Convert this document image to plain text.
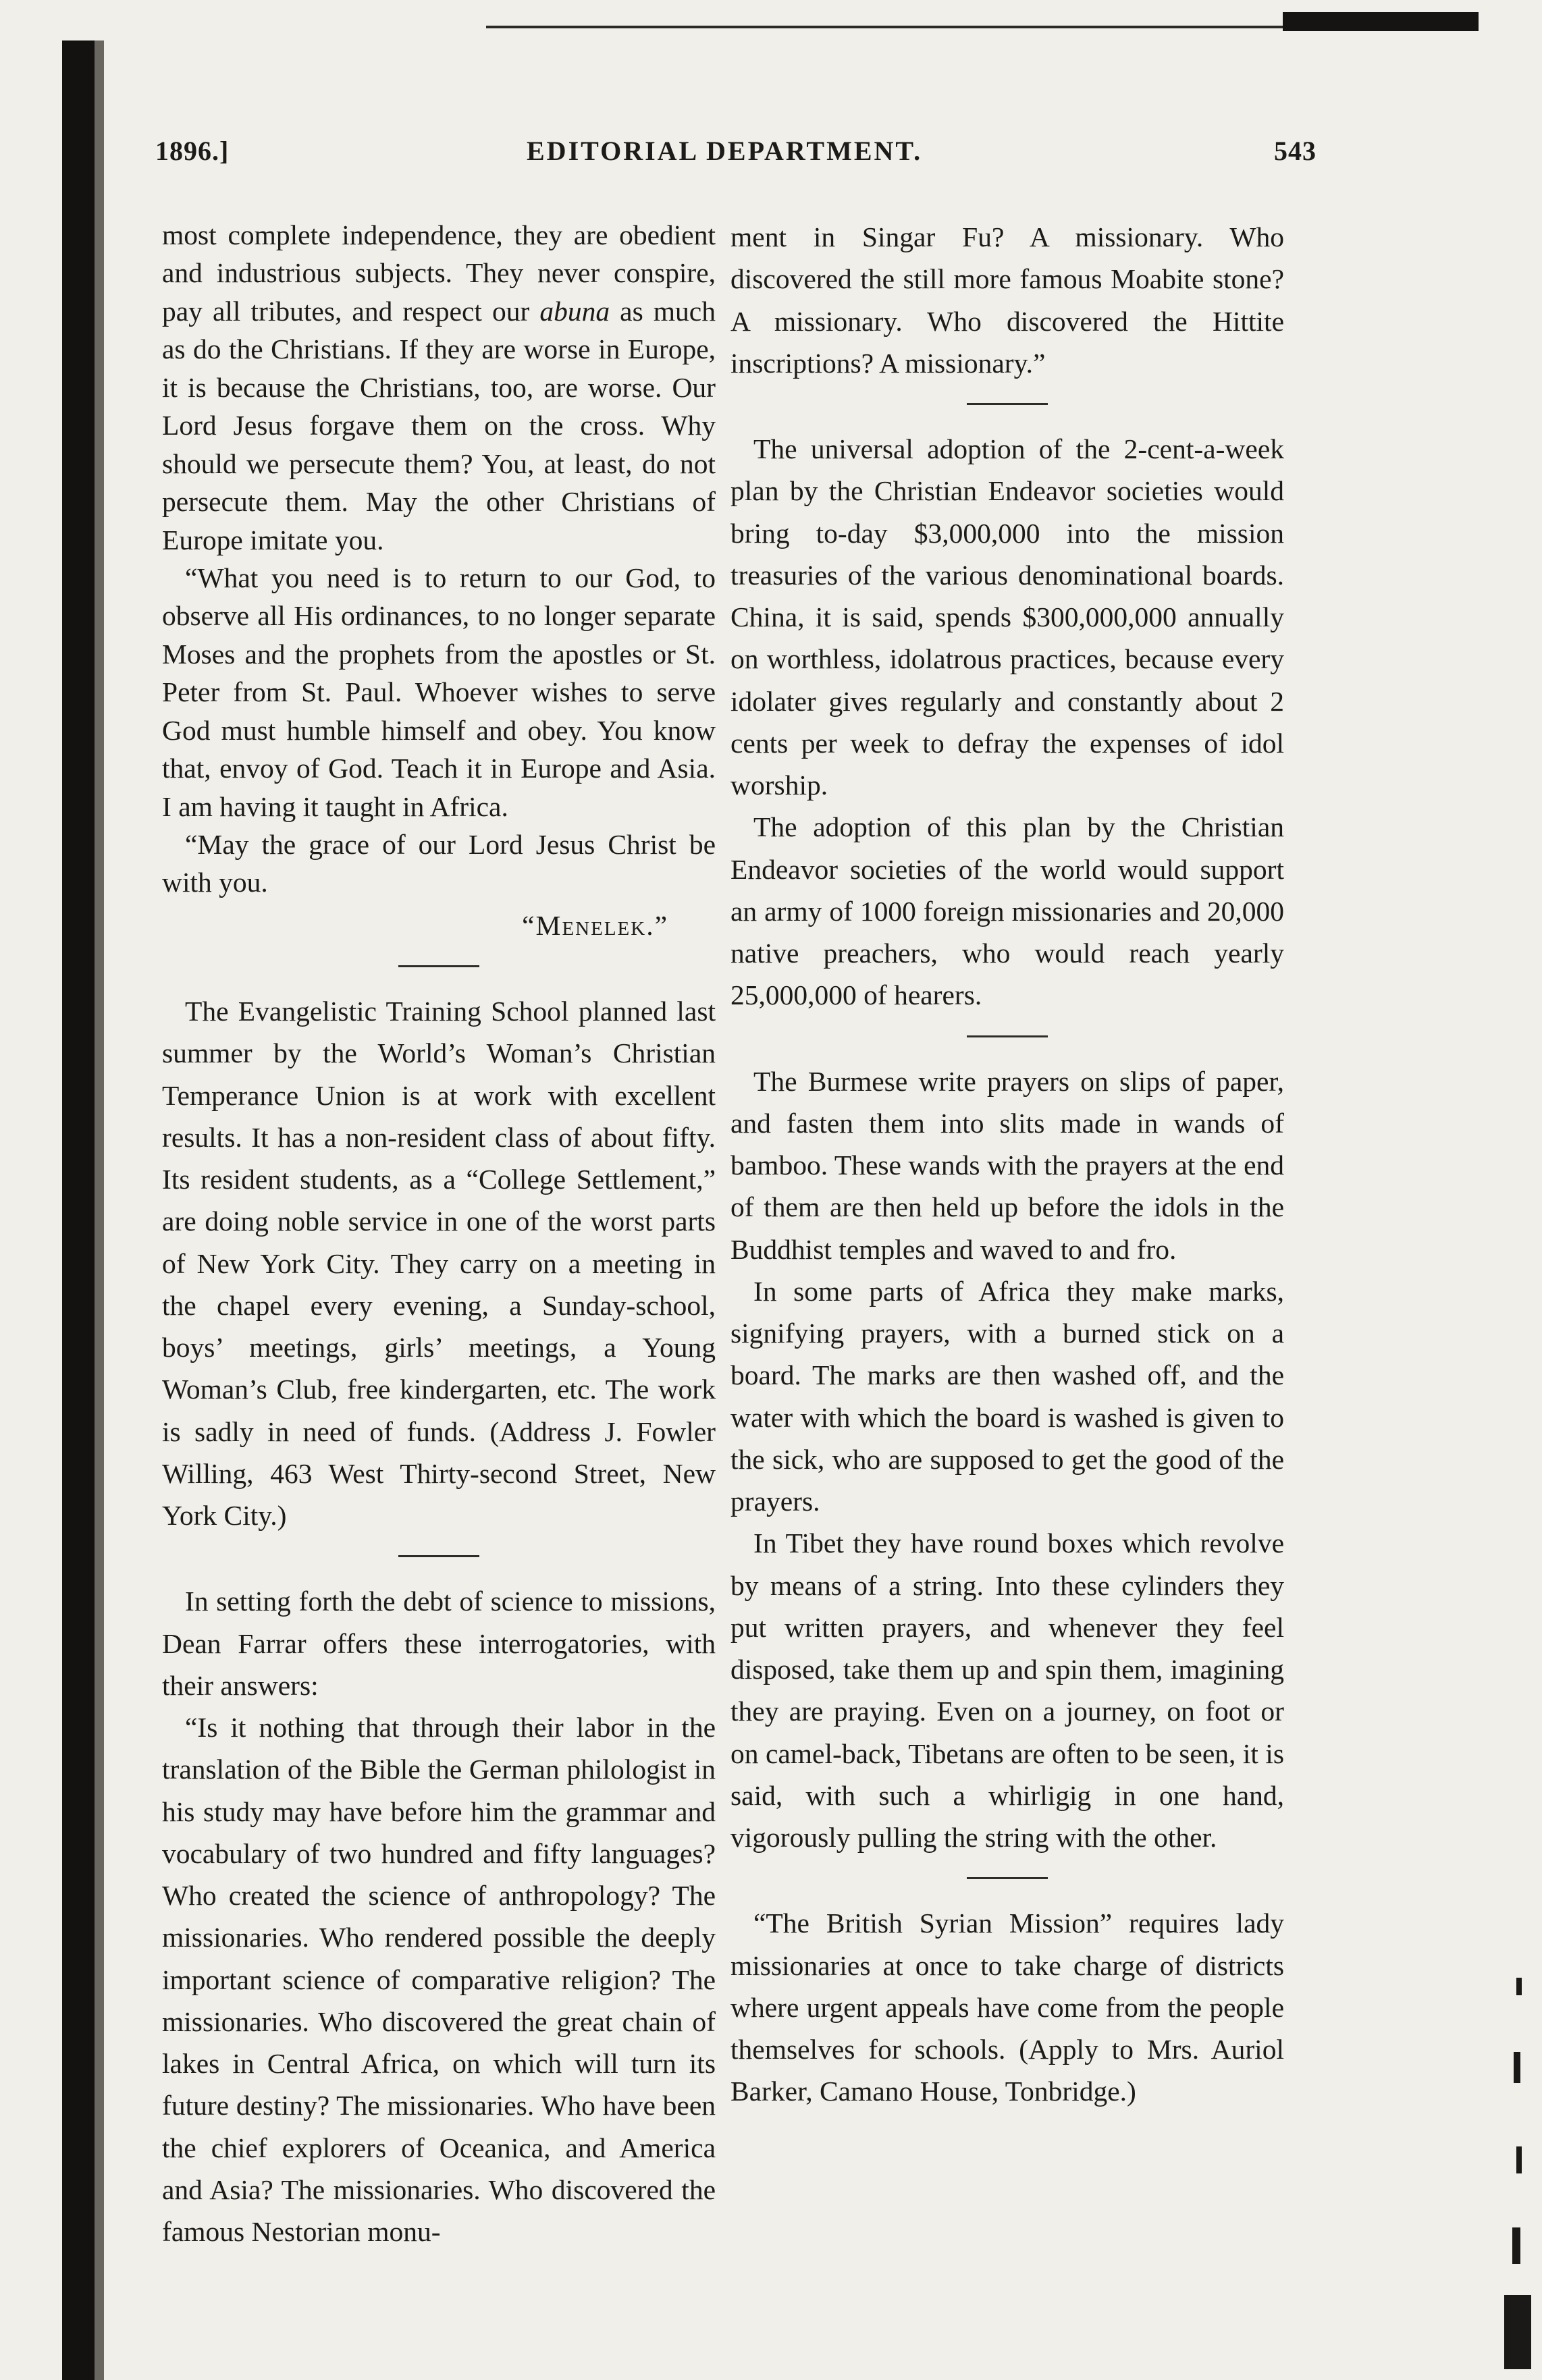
1896.]	EDITORIAL DEPARTMENT.	543

most complete independence, they are obedient and industrious subjects. They never conspire, pay all tributes, and respect our abuna as much as do the Christians. If they are worse in Europe, it is because the Christians, too, are worse. Our Lord Jesus forgave them on the cross. Why should we persecute them? You, at least, do not persecute them. May the other Christians of Europe imitate you.

“What you need is to return to our God, to observe all His ordinances, to no longer separate Moses and the prophets from the apostles or St. Peter from St. Paul. Whoever wishes to serve God must humble himself and obey. You know that, envoy of God. Teach it in Europe and Asia. I am having it taught in Africa.

“May the grace of our Lord Jesus Christ be with you.

“Menelek.”

The Evangelistic Training School planned last summer by the World’s Woman’s Christian Temperance Union is at work with excellent results. It has a non-resident class of about fifty. Its resident students, as a “College Settlement,” are doing noble service in one of the worst parts of New York City. They carry on a meeting in the chapel every evening, a Sunday-school, boys’ meetings, girls’ meetings, a Young Woman’s Club, free kindergarten, etc. The work is sadly in need of funds. (Address J. Fowler Willing, 463 West Thirty-second Street, New York City.)

In setting forth the debt of science to missions, Dean Farrar offers these interrogatories, with their answers:

“Is it nothing that through their labor in the translation of the Bible the German philologist in his study may have before him the grammar and vocabulary of two hundred and fifty languages? Who created the science of anthropology? The missionaries. Who rendered possible the deeply important science of comparative religion? The missionaries. Who discovered the great chain of lakes in Central Africa, on which will turn its future destiny? The missionaries. Who have been the chief explorers of Oceanica, and America and Asia? The missionaries. Who discovered the famous Nestorian monu-

ment in Singar Fu? A missionary. Who discovered the still more famous Moabite stone? A missionary. Who discovered the Hittite inscriptions? A missionary.”

The universal adoption of the 2-cent-a-week plan by the Christian Endeavor societies would bring to-day $3,000,000 into the mission treasuries of the various denominational boards. China, it is said, spends $300,000,000 annually on worthless, idolatrous practices, because every idolater gives regularly and constantly about 2 cents per week to defray the expenses of idol worship.

The adoption of this plan by the Christian Endeavor societies of the world would support an army of 1000 foreign missionaries and 20,000 native preachers, who would reach yearly 25,000,000 of hearers.

The Burmese write prayers on slips of paper, and fasten them into slits made in wands of bamboo. These wands with the prayers at the end of them are then held up before the idols in the Buddhist temples and waved to and fro.

In some parts of Africa they make marks, signifying prayers, with a burned stick on a board. The marks are then washed off, and the water with which the board is washed is given to the sick, who are supposed to get the good of the prayers.

In Tibet they have round boxes which revolve by means of a string. Into these cylinders they put written prayers, and whenever they feel disposed, take them up and spin them, imagining they are praying. Even on a journey, on foot or on camel-back, Tibetans are often to be seen, it is said, with such a whirligig in one hand, vigorously pulling the string with the other.

“The British Syrian Mission” requires lady missionaries at once to take charge of districts where urgent appeals have come from the people themselves for schools. (Apply to Mrs. Auriol Barker, Camano House, Tonbridge.)
